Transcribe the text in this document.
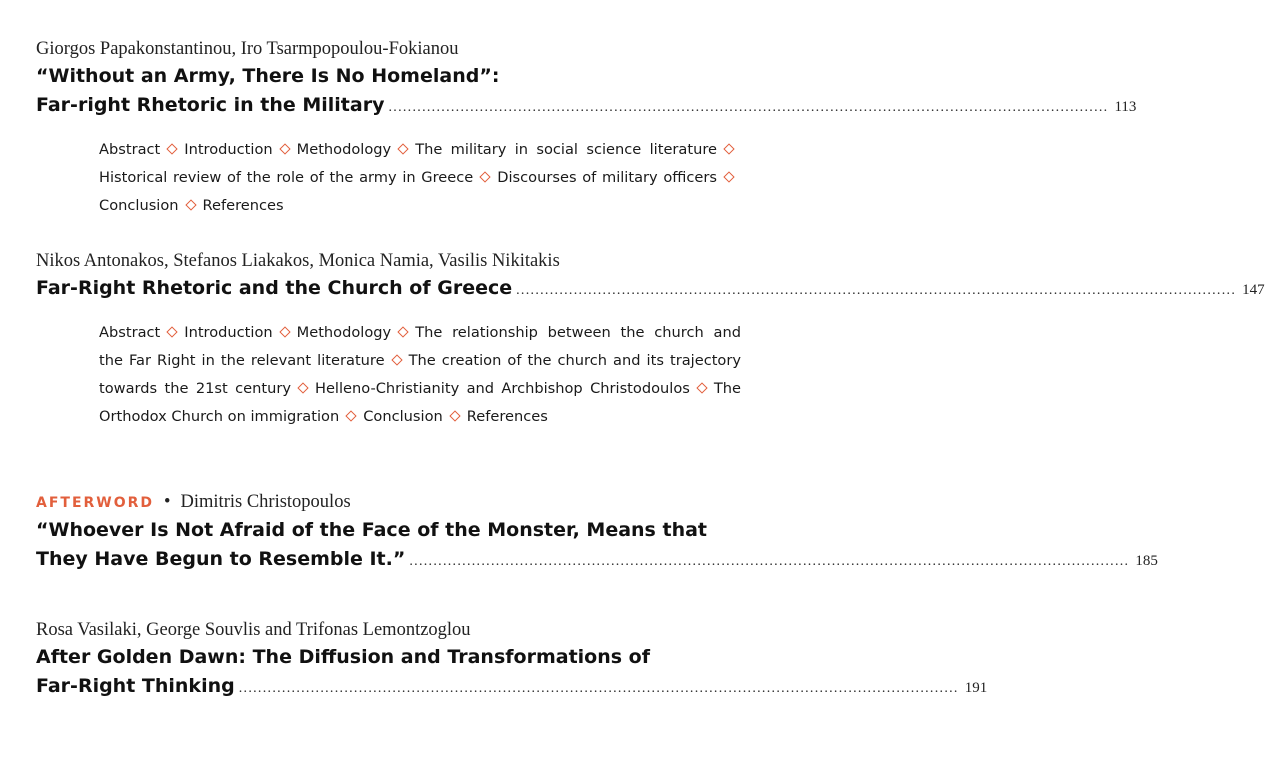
Giorgos Papakonstantinou, Iro Tsarmpopoulou-Fokianou
“Without an Army, There Is No Homeland”:
Far-right Rhetoric in the Military ...................................................................................................................................................... 113
Abstract Introduction Methodology The military in social science literatureHistorical review of the role of the army in Greece Discourses of military officersConclusion References
Nikos Antonakos, Stefanos Liakakos, Monica Namia, Vasilis Nikitakis
Far-Right Rhetoric and the Church of Greece ...................................................................................................................................................... 147
Abstract Introduction Methodology The relationship between the church and the Far Right in the relevant literature The creation of the church and its trajectory towards the 21st century Helleno-Christianity and Archbishop Christodoulos The Orthodox Church on immigration Conclusion References
AFTERWORD • Dimitris Christopoulos
“Whoever Is Not Afraid of the Face of the Monster, Means that
They Have Begun to Resemble It.” ...................................................................................................................................................... 185
Rosa Vasilaki, George Souvlis and Trifonas Lemontzoglou
After Golden Dawn: The Diffusion and Transformations of
Far-Right Thinking ...................................................................................................................................................... 191
